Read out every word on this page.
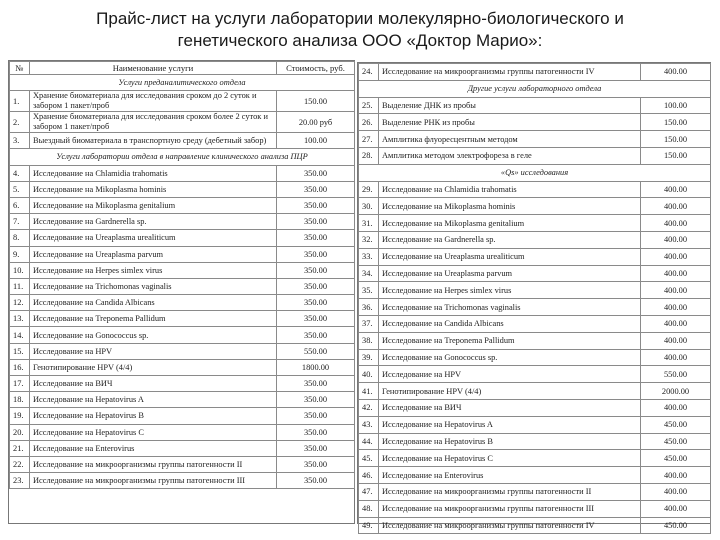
Прайс-лист на услуги лаборатории молекулярно-биологического и
генетического анализа ООО «Доктор Марио»:
№	Наименование услуги	Стоимость, руб.
Услуги преданалитического отдела		
1.	Хранение биоматериала для исследования сроком до 2 суток и забором 1 пакет/проб	150.00
2.	Хранение биоматериала для исследования сроком более 2 суток и забором 1 пакет/проб	20.00 руб
3.	Выездный биоматериала в транспортную среду (дебетный забор)	100.00
Услуги лаборатории отдела в направление клинического анализа ПЦР		
4.	Исследование на Chlamidia trahomatis	350.00
5.	Исследование на Mikoplasma hominis	350.00
6.	Исследование на Mikoplasma genitalium	350.00
7.	Исследование на Gardnerella sp.	350.00
8.	Исследование на Ureaplasma urealiticum	350.00
9.	Исследование на Ureaplasma parvum	350.00
10.	Исследование на Herpes simlex virus	350.00
11.	Исследование на Trichomonas vaginalis	350.00
12.	Исследование на Candida Albicans	350.00
13.	Исследование на Treponema Pallidum	350.00
14.	Исследование на Gonococcus sp.	350.00
15.	Исследование на HPV	550.00
16.	Генотипирование HPV (4/4)	1800.00
17.	Исследование на ВИЧ	350.00
18.	Исследование на Hepatovirus A	350.00
19.	Исследование на Hepatovirus B	350.00
20.	Исследование на Hepatovirus C	350.00
21.	Исследование на Enterovirus	350.00
22.	Исследование на микроорганизмы группы патогенности II	350.00
23.	Исследование на микроорганизмы группы патогенности III	350.00
24.	Исследование на микроорганизмы группы патогенности IV	400.00
Другие услуги лабораторного отдела		
25.	Выделение ДНК из пробы	100.00
26.	Выделение РНК из пробы	150.00
27.	Амплитика флуоресцентным методом	150.00
28.	Амплитика методом электрофореза в геле	150.00
«Qs» исследования		
29.	Исследование на Chlamidia trahomatis	400.00
30.	Исследование на Mikoplasma hominis	400.00
31.	Исследование на Mikoplasma genitalium	400.00
32.	Исследование на Gardnerella sp.	400.00
33.	Исследование на Ureaplasma urealiticum	400.00
34.	Исследование на Ureaplasma parvum	400.00
35.	Исследование на Herpes simlex virus	400.00
36.	Исследование на Trichomonas vaginalis	400.00
37.	Исследование на Candida Albicans	400.00
38.	Исследование на Treponema Pallidum	400.00
39.	Исследование на Gonococcus sp.	400.00
40.	Исследование на HPV	550.00
41.	Генотипирование HPV (4/4)	2000.00
42.	Исследование на ВИЧ	400.00
43.	Исследование на Hepatovirus A	450.00
44.	Исследование на Hepatovirus B	450.00
45.	Исследование на Hepatovirus C	450.00
46.	Исследование на Enterovirus	400.00
47.	Исследование на микроорганизмы группы патогенности II	400.00
48.	Исследование на микроорганизмы группы патогенности III	400.00
49.	Исследование на микроорганизмы группы патогенности IV	450.00
